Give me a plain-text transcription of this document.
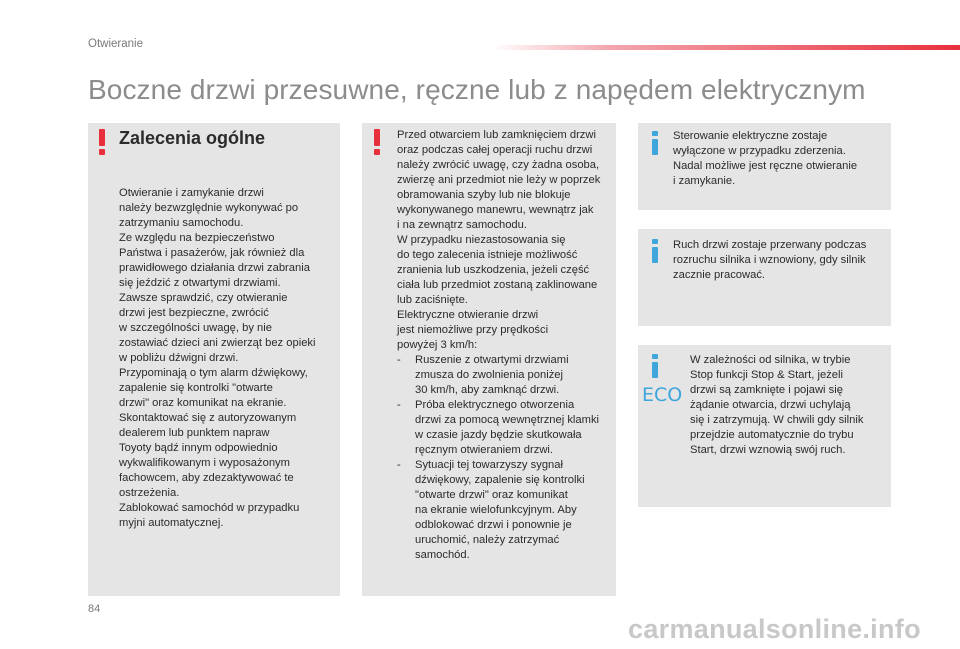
Otwieranie
Boczne drzwi przesuwne, ręczne lub z napędem elektrycznym
Zalecenia ogólne

Otwieranie i zamykanie drzwi

należy bezwzględnie wykonywać po

zatrzymaniu samochodu.

Ze względu na bezpieczeństwo

Państwa i pasażerów, jak również dla

prawidłowego działania drzwi zabrania

się jeździć z otwartymi drzwiami.

Zawsze sprawdzić, czy otwieranie

drzwi jest bezpieczne, zwrócić

w szczególności uwagę, by nie

zostawiać dzieci ani zwierząt bez opieki

w pobliżu dźwigni drzwi.

Przypominają o tym alarm dźwiękowy,

zapalenie się kontrolki "otwarte

drzwi" oraz komunikat na ekranie.

Skontaktować się z autoryzowanym

dealerem lub punktem napraw

Toyoty bądź innym odpowiednio

wykwalifikowanym i wyposażonym

fachowcem, aby zdezaktywować te

ostrzeżenia.

Zablokować samochód w przypadku

myjni automatycznej.

Przed otwarciem lub zamknięciem drzwi

oraz podczas całej operacji ruchu drzwi

należy zwrócić uwagę, czy żadna osoba,

zwierzę ani przedmiot nie leży w poprzek

obramowania szyby lub nie blokuje

wykonywanego manewru, wewnątrz jak

i na zewnątrz samochodu.

W przypadku niezastosowania się

do tego zalecenia istnieje możliwość

zranienia lub uszkodzenia, jeżeli część

ciała lub przedmiot zostaną zaklinowane

lub zaciśnięte.

Elektryczne otwieranie drzwi

jest niemożliwe przy prędkości

powyżej 3 km/h:

-	Ruszenie z otwartymi drzwiami

zmusza do zwolnienia poniżej

30 km/h, aby zamknąć drzwi.

-	Próba elektrycznego otworzenia

drzwi za pomocą wewnętrznej klamki

w czasie jazdy będzie skutkowała

ręcznym otwieraniem drzwi.

-	Sytuacji tej towarzyszy sygnał

dźwiękowy, zapalenie się kontrolki

"otwarte drzwi" oraz komunikat

na ekranie wielofunkcyjnym. Aby

odblokować drzwi i ponownie je

uruchomić, należy zatrzymać

samochód.

Sterowanie elektryczne zostaje

wyłączone w przypadku zderzenia.

Nadal możliwe jest ręczne otwieranie

i zamykanie.

Ruch drzwi zostaje przerwany podczas

rozruchu silnika i wznowiony, gdy silnik

zacznie pracować.

ECO

W zależności od silnika, w trybie

Stop funkcji Stop & Start, jeżeli

drzwi są zamknięte i pojawi się

żądanie otwarcia, drzwi uchylają

się i zatrzymują. W chwili gdy silnik

przejdzie automatycznie do trybu

Start, drzwi wznowią swój ruch.

84
carmanualsonline.info
